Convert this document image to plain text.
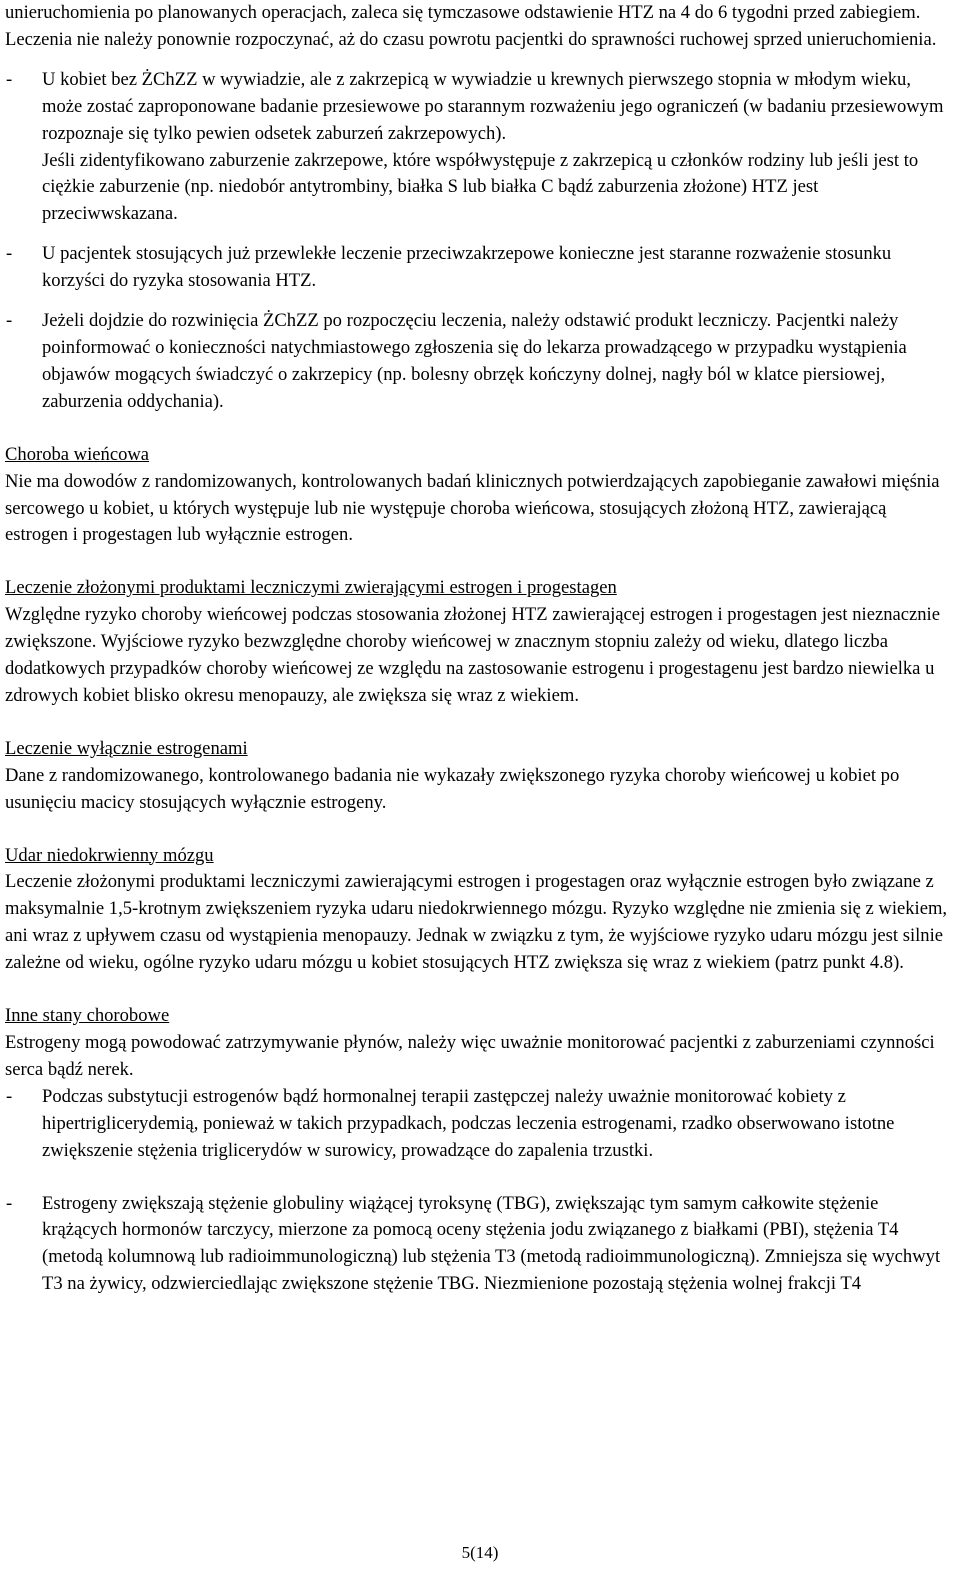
unieruchomienia po planowanych operacjach, zaleca się tymczasowe odstawienie HTZ na 4 do 6 tygodni przed zabiegiem. Leczenia nie należy ponownie rozpoczynać, aż do czasu powrotu pacjentki do sprawności ruchowej sprzed unieruchomienia.

-	U kobiet bez ŻChZZ w wywiadzie, ale z zakrzepicą w wywiadzie u krewnych pierwszego stopnia w młodym wieku, może zostać zaproponowane badanie przesiewowe po starannym rozważeniu jego ograniczeń (w badaniu przesiewowym rozpoznaje się tylko pewien odsetek zaburzeń zakrzepowych).

Jeśli zidentyfikowano zaburzenie zakrzepowe, które współwystępuje z zakrzepicą u członków rodziny lub jeśli jest to ciężkie zaburzenie (np. niedobór antytrombiny, białka S lub białka C bądź zaburzenia złożone) HTZ jest przeciwwskazana.

-	U pacjentek stosujących już przewlekłe leczenie przeciwzakrzepowe konieczne jest staranne rozważenie stosunku korzyści do ryzyka stosowania HTZ.

-	Jeżeli dojdzie do rozwinięcia ŻChZZ po rozpoczęciu leczenia, należy odstawić produkt leczniczy. Pacjentki należy poinformować o konieczności natychmiastowego zgłoszenia się do lekarza prowadzącego w przypadku wystąpienia objawów mogących świadczyć o zakrzepicy (np. bolesny obrzęk kończyny dolnej, nagły ból w klatce piersiowej, zaburzenia oddychania).

Choroba wieńcowa

Nie ma dowodów z randomizowanych, kontrolowanych badań klinicznych potwierdzających zapobieganie zawałowi mięśnia sercowego u kobiet, u których występuje lub nie występuje choroba wieńcowa, stosujących złożoną HTZ, zawierającą estrogen i progestagen lub wyłącznie estrogen.

Leczenie złożonymi produktami leczniczymi zwierającymi estrogen i progestagen

Względne ryzyko choroby wieńcowej podczas stosowania złożonej HTZ zawierającej estrogen i progestagen jest nieznacznie zwiększone. Wyjściowe ryzyko bezwzględne choroby wieńcowej w znacznym stopniu zależy od wieku, dlatego liczba dodatkowych przypadków choroby wieńcowej ze względu na zastosowanie estrogenu i progestagenu jest bardzo niewielka u zdrowych kobiet blisko okresu menopauzy, ale zwiększa się wraz z wiekiem.

Leczenie wyłącznie estrogenami

Dane z randomizowanego, kontrolowanego badania nie wykazały zwiększonego ryzyka choroby wieńcowej u kobiet po usunięciu macicy stosujących wyłącznie estrogeny.

Udar niedokrwienny mózgu

Leczenie złożonymi produktami leczniczymi zawierającymi estrogen i progestagen oraz wyłącznie estrogen było związane z maksymalnie 1,5-krotnym zwiększeniem ryzyka udaru niedokrwiennego mózgu. Ryzyko względne nie zmienia się z wiekiem, ani wraz z upływem czasu od wystąpienia menopauzy. Jednak w związku z tym, że wyjściowe ryzyko udaru mózgu jest silnie zależne od wieku, ogólne ryzyko udaru mózgu u kobiet stosujących HTZ zwiększa się wraz z wiekiem (patrz punkt 4.8).

Inne stany chorobowe

Estrogeny mogą powodować zatrzymywanie płynów, należy więc uważnie monitorować pacjentki z zaburzeniami czynności serca bądź nerek.

-	Podczas substytucji estrogenów bądź hormonalnej terapii zastępczej należy uważnie monitorować kobiety z hipertriglicerydemią, ponieważ w takich przypadkach, podczas leczenia estrogenami, rzadko obserwowano istotne zwiększenie stężenia triglicerydów w surowicy, prowadzące do zapalenia trzustki.

-	Estrogeny zwiększają stężenie globuliny wiążącej tyroksynę (TBG), zwiększając tym samym całkowite stężenie krążących hormonów tarczycy, mierzone za pomocą oceny stężenia jodu związanego z białkami (PBI), stężenia T4 (metodą kolumnową lub radioimmunologiczną) lub stężenia T3 (metodą radioimmunologiczną). Zmniejsza się wychwyt T3 na żywicy, odzwierciedlając zwiększone stężenie TBG. Niezmienione pozostają stężenia wolnej frakcji T4

5(14)
